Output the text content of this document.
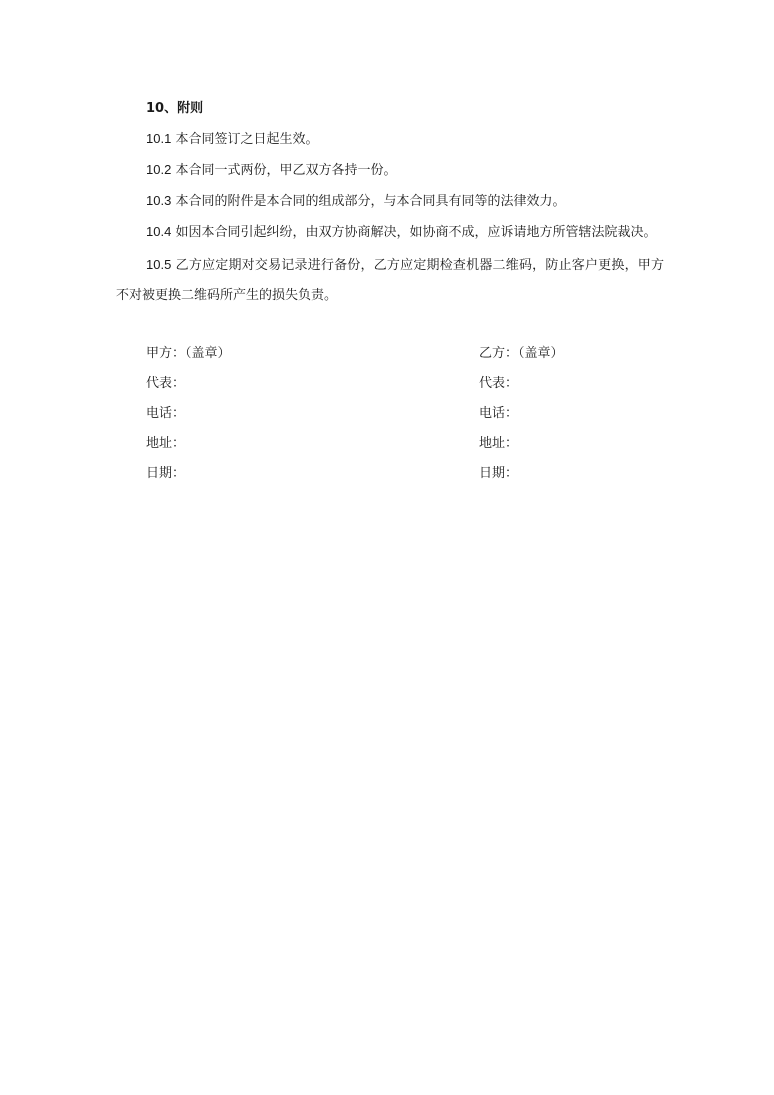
10、附则
10.1 本合同签订之日起生效。
10.2 本合同一式两份，甲乙双方各持一份。
10.3 本合同的附件是本合同的组成部分，与本合同具有同等的法律效力。
10.4 如因本合同引起纠纷，由双方协商解决，如协商不成，应诉请地方所管辖法院裁决。
10.5 乙方应定期对交易记录进行备份，乙方应定期检查机器二维码，防止客户更换，甲方不对被更换二维码所产生的损失负责。
甲方：（盖章）	乙方：（盖章）
代表：	代表：
电话：	电话：
地址：	地址：
日期：	日期：
